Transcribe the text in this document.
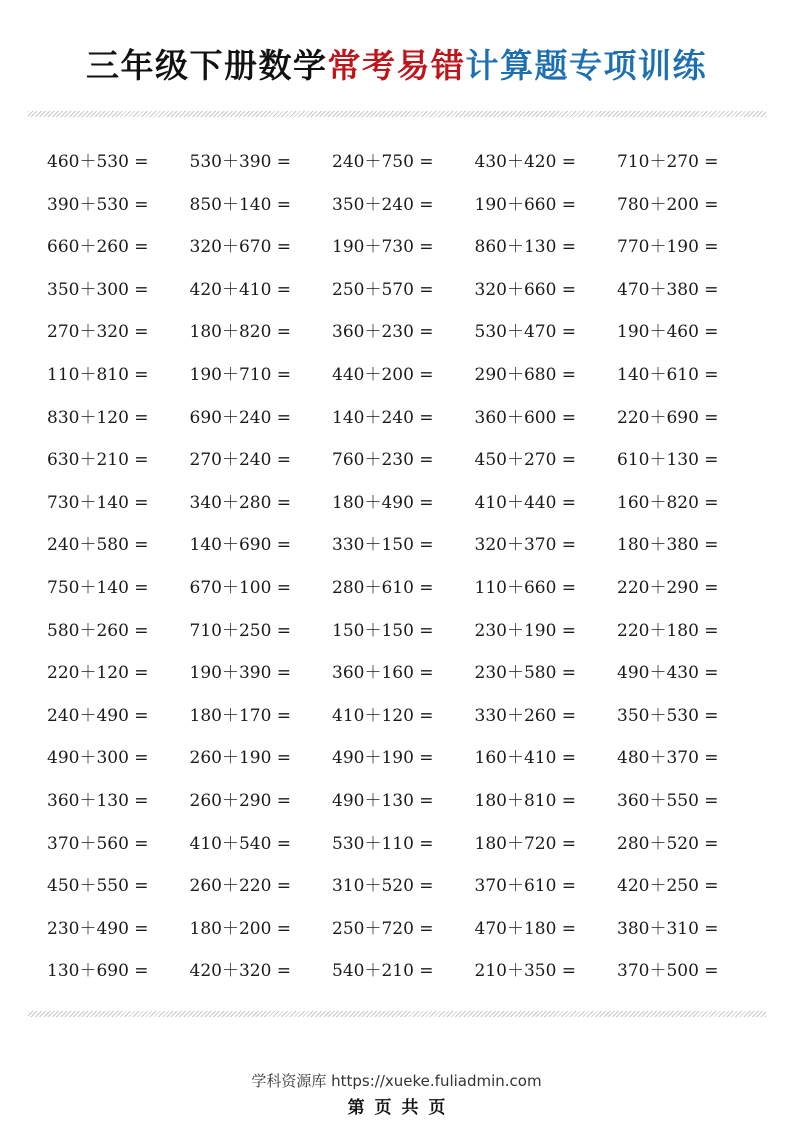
三年级下册数学常考易错计算题专项训练
460＋530 =	530＋390 =	240＋750 =	430＋420 =	710＋270 =
390＋530 =	850＋140 =	350＋240 =	190＋660 =	780＋200 =
660＋260 =	320＋670 =	190＋730 =	860＋130 =	770＋190 =
350＋300 =	420＋410 =	250＋570 =	320＋660 =	470＋380 =
270＋320 =	180＋820 =	360＋230 =	530＋470 =	190＋460 =
110＋810 =	190＋710 =	440＋200 =	290＋680 =	140＋610 =
830＋120 =	690＋240 =	140＋240 =	360＋600 =	220＋690 =
630＋210 =	270＋240 =	760＋230 =	450＋270 =	610＋130 =
730＋140 =	340＋280 =	180＋490 =	410＋440 =	160＋820 =
240＋580 =	140＋690 =	330＋150 =	320＋370 =	180＋380 =
750＋140 =	670＋100 =	280＋610 =	110＋660 =	220＋290 =
580＋260 =	710＋250 =	150＋150 =	230＋190 =	220＋180 =
220＋120 =	190＋390 =	360＋160 =	230＋580 =	490＋430 =
240＋490 =	180＋170 =	410＋120 =	330＋260 =	350＋530 =
490＋300 =	260＋190 =	490＋190 =	160＋410 =	480＋370 =
360＋130 =	260＋290 =	490＋130 =	180＋810 =	360＋550 =
370＋560 =	410＋540 =	530＋110 =	180＋720 =	280＋520 =
450＋550 =	260＋220 =	310＋520 =	370＋610 =	420＋250 =
230＋490 =	180＋200 =	250＋720 =	470＋180 =	380＋310 =
130＋690 =	420＋320 =	540＋210 =	210＋350 =	370＋500 =
学科资源库 https://xueke.fuliadmin.com
第 页 共 页
